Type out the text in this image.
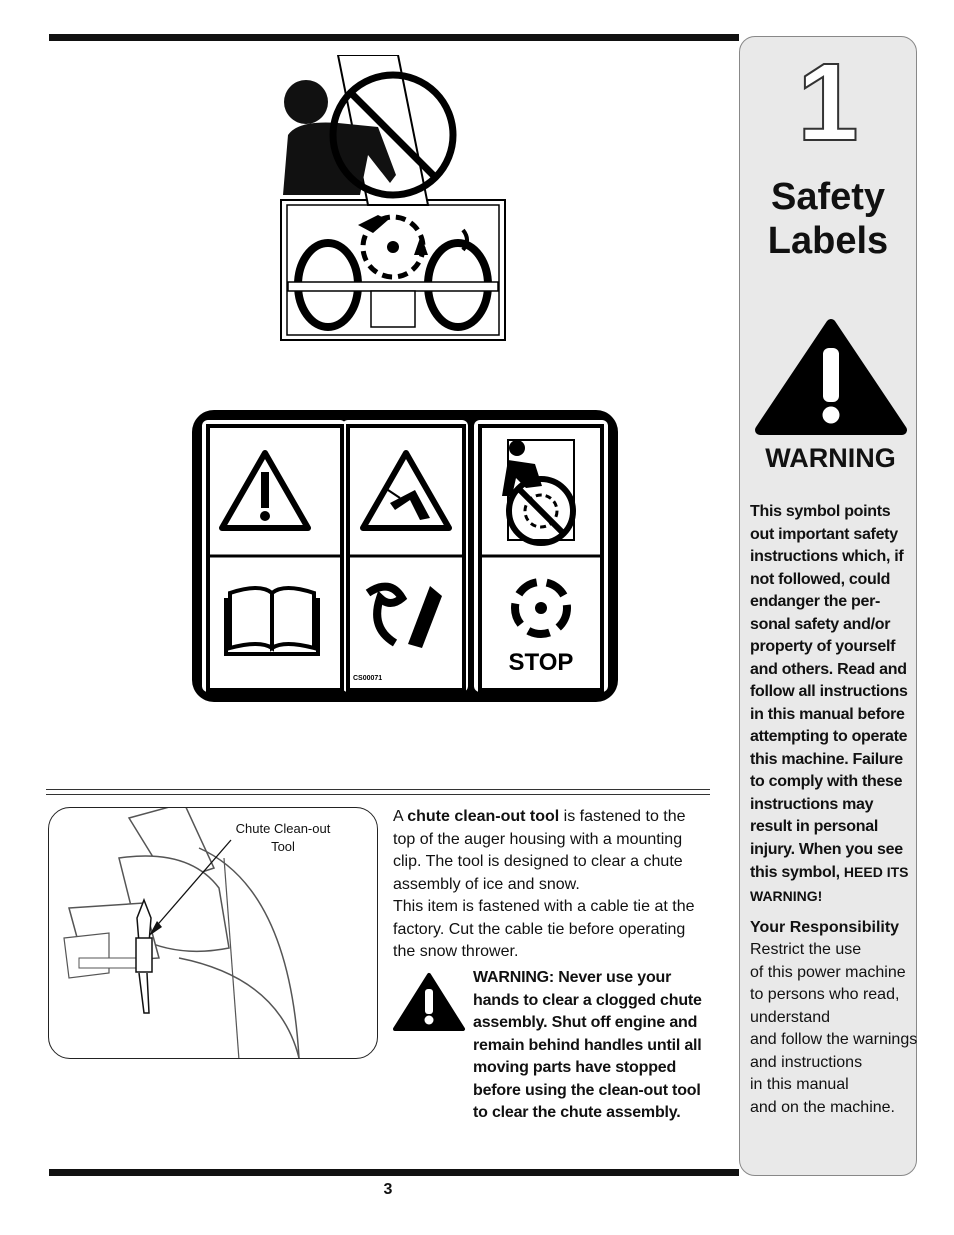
CS00071
STOP
Chute Clean-out Tool
A chute clean-out tool is fastened to the top of the auger housing with a mounting clip. The tool is designed to clear a chute assembly of ice and snow.
This item is fastened with a cable tie at the factory. Cut the cable tie before operating the snow thrower.
WARNING: Never use your hands to clear a clogged chute assembly. Shut off engine and remain behind handles until all moving parts have stopped before using the clean-out tool to clear the chute assembly.
3
1
Safety
Labels
WARNING
This symbol points out important safety instructions which, if not followed, could endanger the per-sonal safety and/or property of yourself and others. Read and follow all instructions in this manual before attempting to operate this machine. Failure to comply with these instructions may result in personal injury. When you see this symbol, HEED ITS WARNING!
Your Responsibility
Restrict the use
of this power machine
to persons who read,
understand
and follow the warnings
and instructions
in this manual
and on the machine.
